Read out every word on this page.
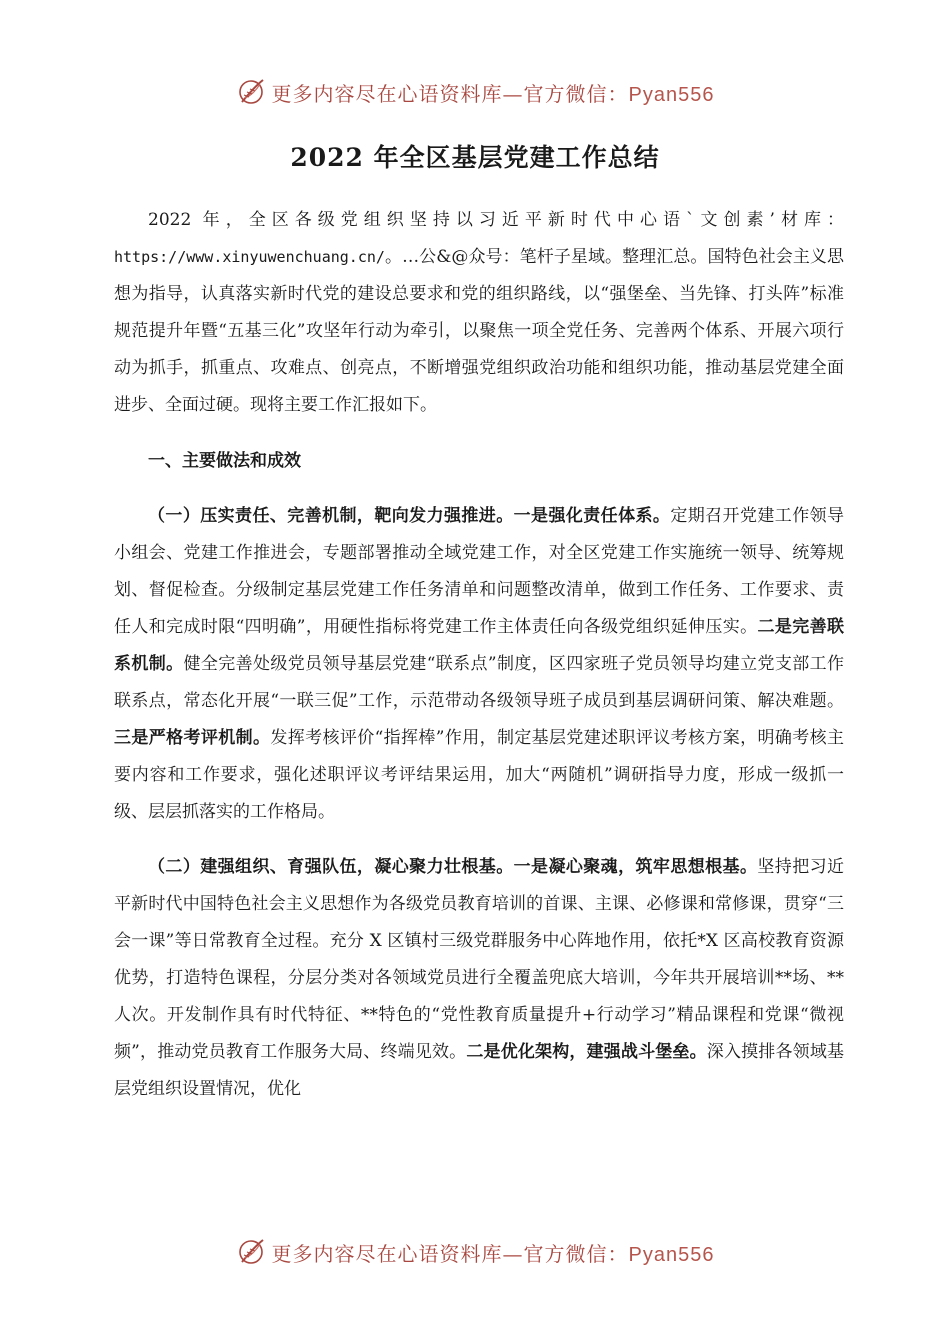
更多内容尽在心语资料库—官方微信：Pyan556
2022 年全区基层党建工作总结

2022 年，全区各级党组织坚持以习近平新时代中心语`文创素’材库：https://www.xinyuwenchuang.cn/。…公&@众号：笔杆子星域。整理汇总。国特色社会主义思想为指导，认真落实新时代党的建设总要求和党的组织路线，以“强堡垒、当先锋、打头阵”标准规范提升年暨“五基三化”攻坚年行动为牵引，以聚焦一项全党任务、完善两个体系、开展六项行动为抓手，抓重点、攻难点、创亮点，不断增强党组织政治功能和组织功能，推动基层党建全面进步、全面过硬。现将主要工作汇报如下。

一、主要做法和成效

（一）压实责任、完善机制，靶向发力强推进。一是强化责任体系。定期召开党建工作领导小组会、党建工作推进会，专题部署推动全域党建工作，对全区党建工作实施统一领导、统筹规划、督促检查。分级制定基层党建工作任务清单和问题整改清单，做到工作任务、工作要求、责任人和完成时限“四明确”，用硬性指标将党建工作主体责任向各级党组织延伸压实。二是完善联系机制。健全完善处级党员领导基层党建“联系点”制度，区四家班子党员领导均建立党支部工作联系点，常态化开展“一联三促”工作，示范带动各级领导班子成员到基层调研问策、解决难题。三是严格考评机制。发挥考核评价“指挥棒”作用，制定基层党建述职评议考核方案，明确考核主要内容和工作要求，强化述职评议考评结果运用，加大“两随机”调研指导力度，形成一级抓一级、层层抓落实的工作格局。

（二）建强组织、育强队伍，凝心聚力壮根基。一是凝心聚魂，筑牢思想根基。坚持把习近平新时代中国特色社会主义思想作为各级党员教育培训的首课、主课、必修课和常修课，贯穿“三会一课”等日常教育全过程。充分 X 区镇村三级党群服务中心阵地作用，依托*X 区高校教育资源优势，打造特色课程，分层分类对各领域党员进行全覆盖兜底大培训，今年共开展培训**场、**人次。开发制作具有时代特征、**特色的“党性教育质量提升+行动学习”精品课程和党课“微视频”，推动党员教育工作服务大局、终端见效。二是优化架构，建强战斗堡垒。深入摸排各领域基层党组织设置情况，优化

更多内容尽在心语资料库—官方微信：Pyan556
